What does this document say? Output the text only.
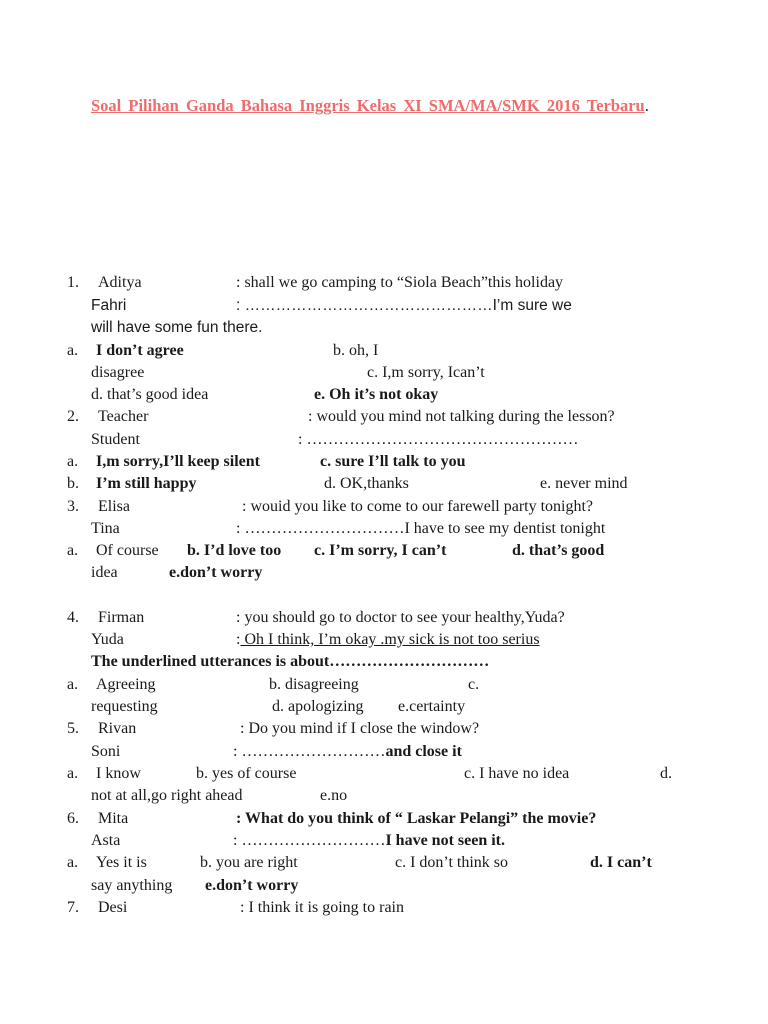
Soal Pilihan Ganda Bahasa Inggris Kelas XI SMA/MA/SMK 2016 Terbaru.
1. Aditya	: shall we go camping to “Siola Beach”this holiday
Fahri	: …………………………………………I’m sure we
will have some fun there.
a. I don’t agree	b. oh, I
disagree	c. I,m sorry, Ican’t
d. that’s good idea	e. Oh it’s not okay
2. Teacher	: would you mind not talking during the lesson?
Student	: ……………………………………………
a. I,m sorry,I’ll keep silent	c. sure I’ll talk to you
b. I’m still happy	d. OK,thanks	e. never mind
3. Elisa	: wouid you like to come to our farewell party tonight?
Tina	: …………………………I have to see my dentist tonight
a. Of course b. I’d love too c. I’m sorry, I can’t	d. that’s good
idea	e.don’t worry
4. Firman	: you should go to doctor to see your healthy,Yuda?
Yuda	: Oh I think, I’m okay .my sick is not too serius
The underlined utterances is about…………………………
a. Agreeing	b. disagreeing	c.
requesting	d. apologizing e.certainty
5. Rivan	: Do you mind if I close the window?
Soni	: ………………………and close it
a. I know	b. yes of course	c. I have no idea	d.
not at all,go right ahead	e.no
6. Mita	: What do you think of “ Laskar Pelangi” the movie?
Asta	: ………………………I have not seen it.
a. Yes it is	b. you are right	c. I don’t think so	d. I can’t
say anything e.don’t worry
7. Desi	: I think it is going to rain
